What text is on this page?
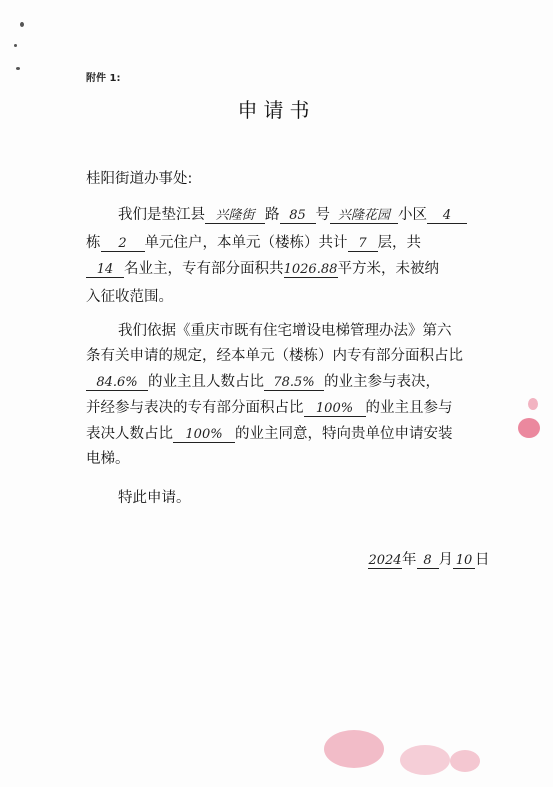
附件 1:
申请书
桂阳街道办事处:
我们是垫江县 兴隆街 路 85 号 兴隆花园 小区 4
栋 2 单元住户，本单元（楼栋）共计 7 层，共
14 名业主，专有部分面积共1026.88平方米，未被纳
入征收范围。
我们依据《重庆市既有住宅增设电梯管理办法》第六
条有关申请的规定，经本单元（楼栋）内专有部分面积占比
84.6% 的业主且人数占比 78.5% 的业主参与表决，
并经参与表决的专有部分面积占比 100% 的业主且参与
表决人数占比 100% 的业主同意，特向贵单位申请安装
电梯。
特此申请。
2024年 8 月 10 日
